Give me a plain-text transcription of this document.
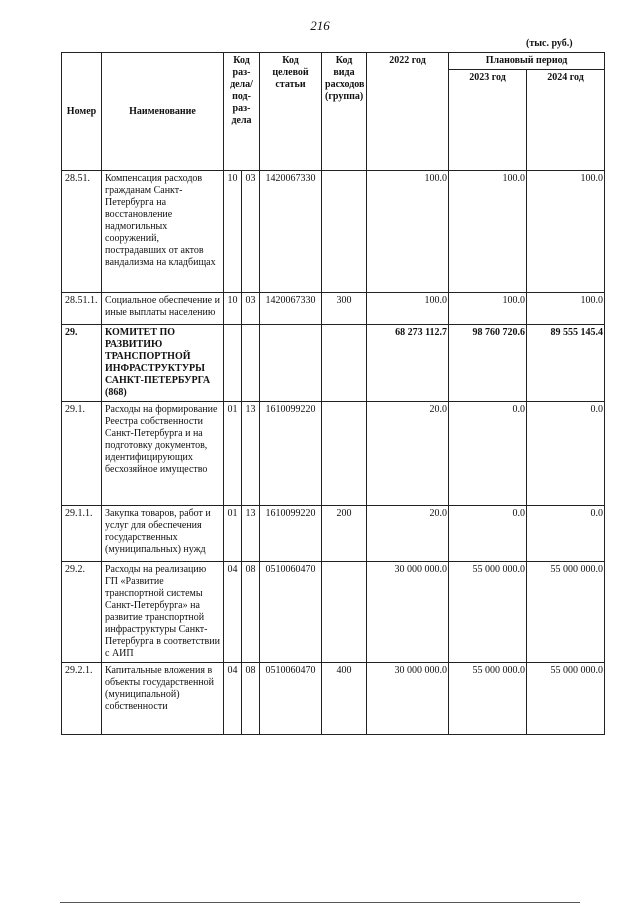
216
(тыс. руб.)
Номер	Наименование	Код раз-дела/ под-раз-дела		Код целевой статьи	Код вида расходов (группа)	2022 год	Плановый период	
							2023 год	2024 год
28.51.	Компенсация расходов гражданам Санкт-Петербурга на восстановление надмогильных сооружений, пострадавших от актов вандализма на кладбищах	10	03	1420067330		100.0	100.0	100.0
28.51.1.	Социальное обеспечение и иные выплаты населению	10	03	1420067330	300	100.0	100.0	100.0
29.	КОМИТЕТ ПО РАЗВИТИЮ ТРАНСПОРТНОЙ ИНФРАСТРУКТУРЫ САНКТ-ПЕТЕРБУРГА (868)					68 273 112.7	98 760 720.6	89 555 145.4
29.1.	Расходы на формирование Реестра собственности Санкт-Петербурга и на подготовку документов, идентифицирующих бесхозяйное имущество	01	13	1610099220		20.0	0.0	0.0
29.1.1.	Закупка товаров, работ и услуг для обеспечения государственных (муниципальных) нужд	01	13	1610099220	200	20.0	0.0	0.0
29.2.	Расходы на реализацию ГП «Развитие транспортной системы Санкт-Петербурга» на развитие транспортной инфраструктуры Санкт-Петербурга в соответствии с АИП	04	08	0510060470		30 000 000.0	55 000 000.0	55 000 000.0
29.2.1.	Капитальные вложения в объекты государственной (муниципальной) собственности	04	08	0510060470	400	30 000 000.0	55 000 000.0	55 000 000.0
